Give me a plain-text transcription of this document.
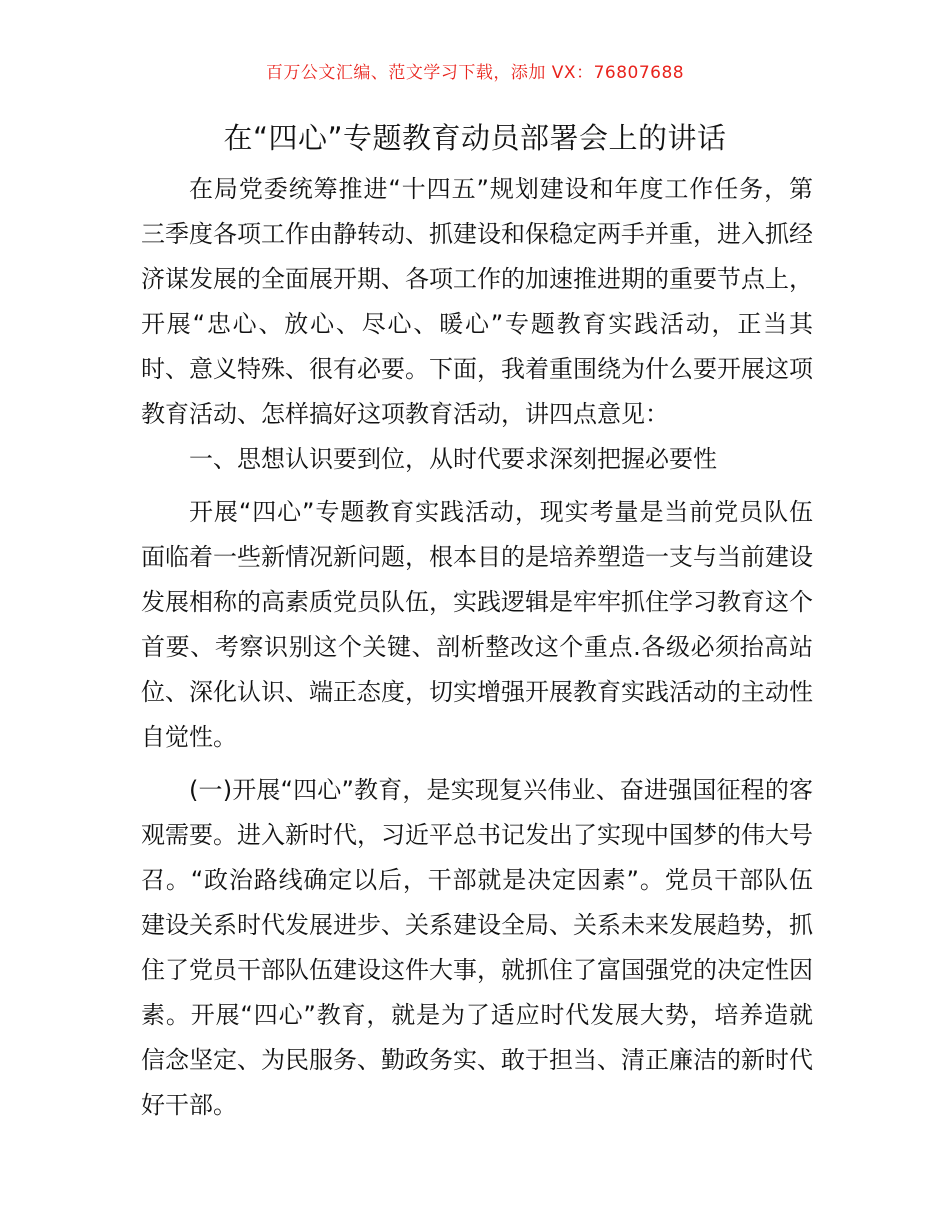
百万公文汇编、范文学习下载，添加 VX：76807688
在“四心”专题教育动员部署会上的讲话

在局党委统筹推进“十四五”规划建设和年度工作任务，第三季度各项工作由静转动、抓建设和保稳定两手并重，进入抓经济谋发展的全面展开期、各项工作的加速推进期的重要节点上，开展“忠心、放心、尽心、暖心”专题教育实践活动，正当其时、意义特殊、很有必要。下面，我着重围绕为什么要开展这项教育活动、怎样搞好这项教育活动，讲四点意见：

一、思想认识要到位，从时代要求深刻把握必要性

开展“四心”专题教育实践活动，现实考量是当前党员队伍面临着一些新情况新问题，根本目的是培养塑造一支与当前建设发展相称的高素质党员队伍，实践逻辑是牢牢抓住学习教育这个首要、考察识别这个关键、剖析整改这个重点.各级必须抬高站位、深化认识、端正态度，切实增强开展教育实践活动的主动性自觉性。

(一)开展“四心”教育，是实现复兴伟业、奋进强国征程的客观需要。进入新时代，习近平总书记发出了实现中国梦的伟大号召。“政治路线确定以后，干部就是决定因素”。党员干部队伍建设关系时代发展进步、关系建设全局、关系未来发展趋势，抓住了党员干部队伍建设这件大事，就抓住了富国强党的决定性因素。开展“四心”教育，就是为了适应时代发展大势，培养造就信念坚定、为民服务、勤政务实、敢于担当、清正廉洁的新时代好干部。
